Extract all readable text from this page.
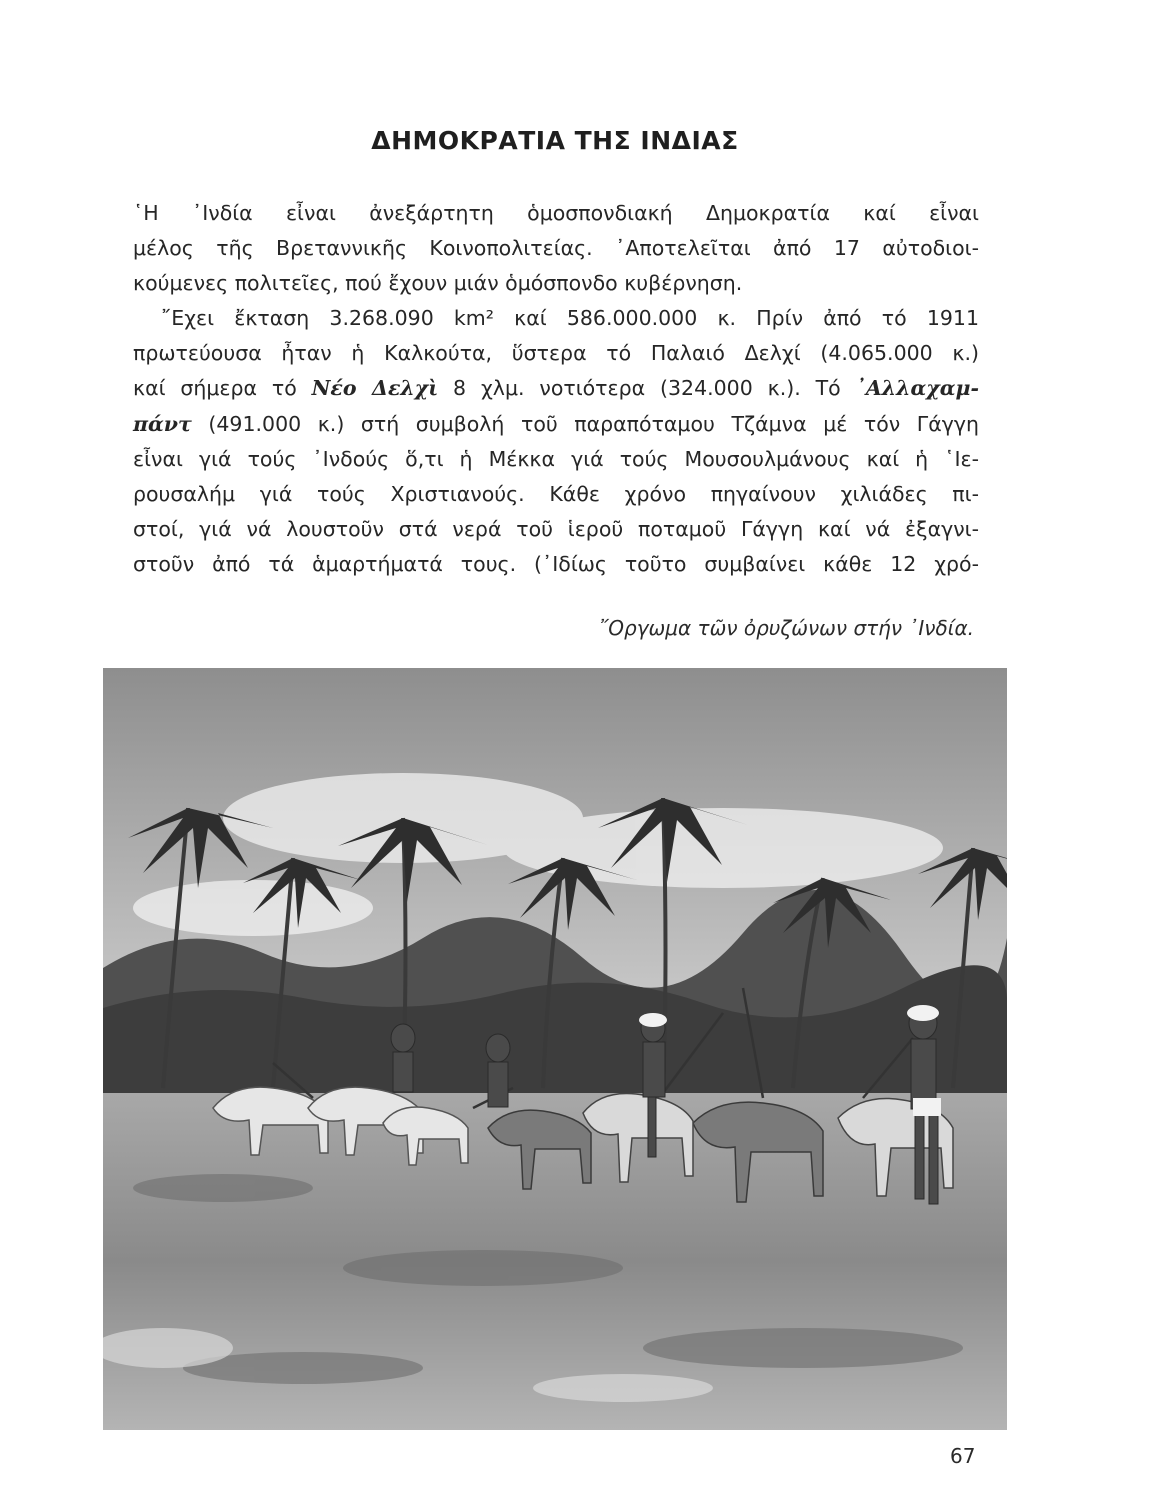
ΔΗΜΟΚΡΑΤΙΑ ΤΗΣ ΙΝΔΙΑΣ
῾Η ᾿Ινδία εἶναι ἀνεξάρτητη ὁμοσπονδιακή Δημοκρατία καί εἶναι
μέλος τῆς Βρεταννικῆς Κοινοπολιτείας. ᾿Αποτελεῖται ἀπό 17 αὐτοδιοι-
κούμενες πολιτεῖες, πού ἔχουν μιάν ὁμόσπονδο κυβέρνηση.
῎Εχει ἔκταση 3.268.090 km² καί 586.000.000 κ. Πρίν ἀπό τό 1911
πρωτεύουσα ἦταν ἡ Καλκούτα, ὕστερα τό Παλαιό Δελχί (4.065.000 κ.)
καί σήμερα τό Νέο Δελχὶ 8 χλμ. νοτιότερα (324.000 κ.). Τό ᾿Αλλαχαμ-
πάντ (491.000 κ.) στή συμβολή τοῦ παραπόταμου Τζάμνα μέ τόν Γάγγη
εἶναι γιά τούς ᾿Ινδούς ὅ,τι ἡ Μέκκα γιά τούς Μουσουλμάνους καί ἡ ῾Ιε-
ρουσαλήμ γιά τούς Χριστιανούς. Κάθε χρόνο πηγαίνουν χιλιάδες πι-
στοί, γιά νά λουστοῦν στά νερά τοῦ ἱεροῦ ποταμοῦ Γάγγη καί νά ἐξαγνι-
στοῦν ἀπό τά ἁμαρτήματά τους. (᾿Ιδίως τοῦτο συμβαίνει κάθε 12 χρό-
῎Οργωμα τῶν ὀρυζώνων στήν ᾿Ινδία.
67
